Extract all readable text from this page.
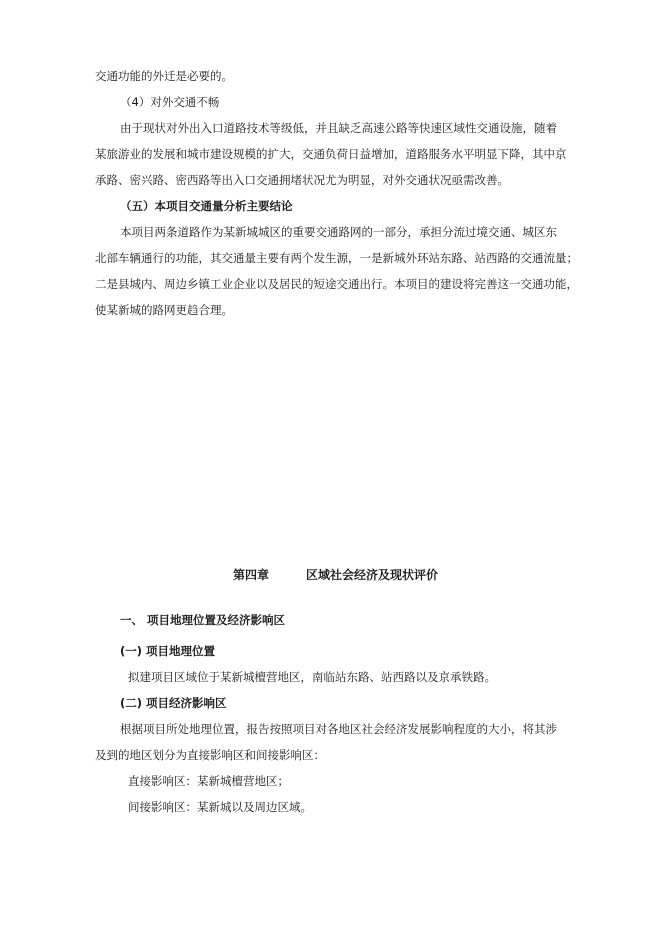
交通功能的外迁是必要的。
（4）对外交通不畅
由于现状对外出入口道路技术等级低，并且缺乏高速公路等快速区域性交通设施，随着
某旅游业的发展和城市建设规模的扩大，交通负荷日益增加，道路服务水平明显下降，其中京
承路、密兴路、密西路等出入口交通拥堵状况尤为明显，对外交通状况亟需改善。
（五）本项目交通量分析主要结论
本项目两条道路作为某新城城区的重要交通路网的一部分，承担分流过境交通、城区东
北部车辆通行的功能，其交通量主要有两个发生源，一是新城外环站东路、站西路的交通流量；
二是县城内、周边乡镇工业企业以及居民的短途交通出行。本项目的建设将完善这一交通功能，
使某新城的路网更趋合理。
第四章	区域社会经济及现状评价
一、 项目地理位置及经济影响区
(一) 项目地理位置
拟建项目区域位于某新城檀营地区，南临站东路、站西路以及京承铁路。
(二) 项目经济影响区
根据项目所处地理位置，报告按照项目对各地区社会经济发展影响程度的大小，将其涉
及到的地区划分为直接影响区和间接影响区：
直接影响区：某新城檀营地区；
间接影响区：某新城以及周边区域。
